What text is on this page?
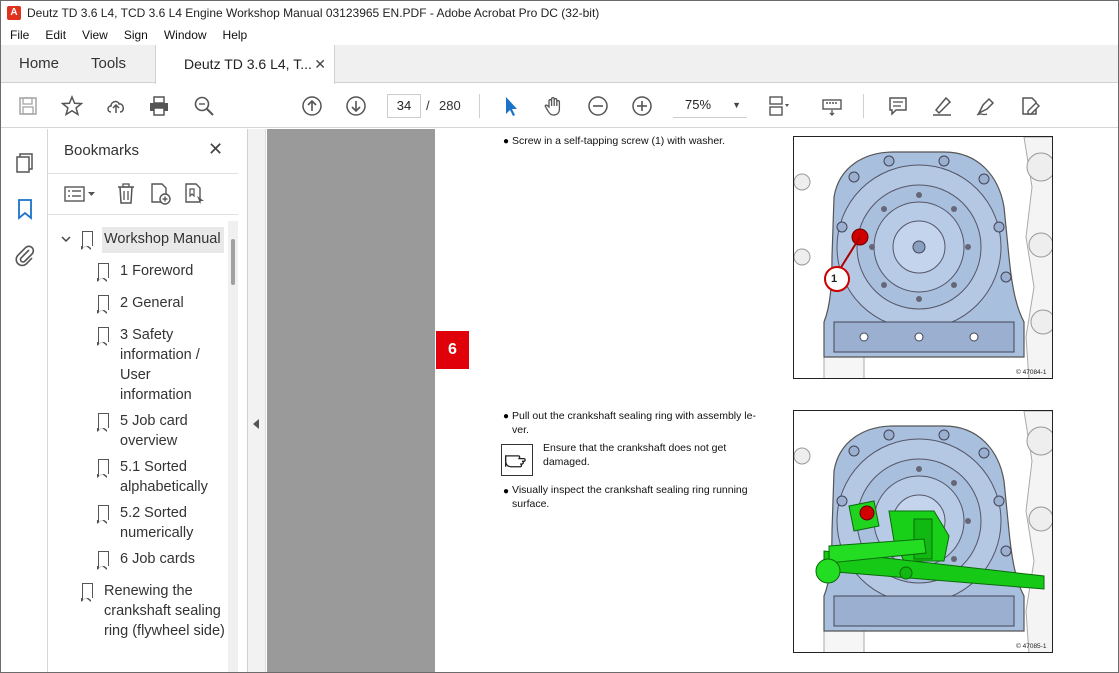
A Deutz TD 3.6 L4, TCD 3.6 L4 Engine Workshop Manual 03123965 EN.PDF - Adobe Acrobat Pro DC (32-bit)
File	Edit	View	Sign	Window	Help
Home Tools	Deutz TD 3.6 L4, T... ✕
34	/ 280	75% ▼
Bookmarks	✕
Workshop Manual
1 Foreword
2 General
3 Safety information / User information
5 Job card overview
5.1 Sorted alphabetically
5.2 Sorted numerically
6 Job cards
Renewing the crankshaft sealing ring (flywheel side)
6
● Screw in a self-tapping screw (1) with washer.
1
© 47084-1
● Pull out the crankshaft sealing ring with assembly le-
ver.
Ensure that the crankshaft does not get
damaged.
● Visually inspect the crankshaft sealing ring running
surface.
© 47085-1
